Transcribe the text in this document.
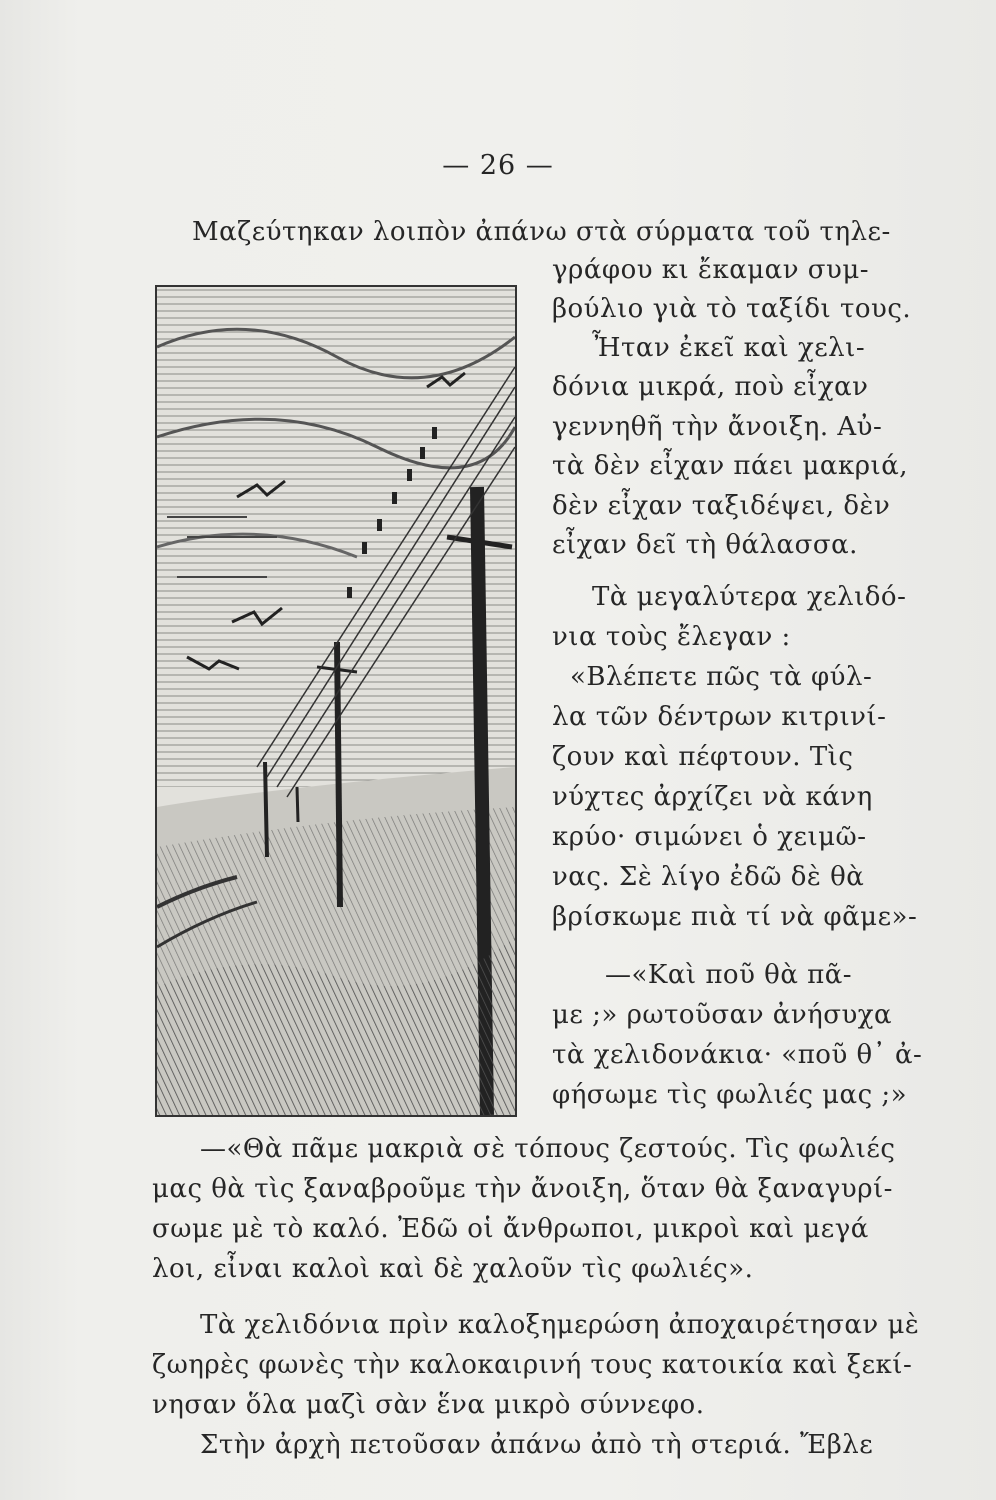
— 26 —
Μαζεύτηκαν λοιπὸν ἀπάνω στὰ σύρματα τοῦ τηλε-
γράφου κι ἔκαμαν συμ-
βούλιο γιὰ τὸ ταξίδι τους.
Ἦταν ἐκεῖ καὶ χελι-
δόνια μικρά, ποὺ εἶχαν
γεννηθῆ τὴν ἄνοιξη. Αὐ-
τὰ δὲν εἶχαν πάει μακριά,
δὲν εἶχαν ταξιδέψει, δὲν
εἶχαν δεῖ τὴ θάλασσα.
Τὰ μεγαλύτερα χελιδό-
νια τοὺς ἔλεγαν :
«Βλέπετε πῶς τὰ φύλ-
λα τῶν δέντρων κιτρινί-
ζουν καὶ πέφτουν. Τὶς
νύχτες ἀρχίζει νὰ κάνη
κρύο· σιμώνει ὁ χειμῶ-
νας. Σὲ λίγο ἐδῶ δὲ θὰ
βρίσκωμε πιὰ τί νὰ φᾶμε»-
—«Καὶ ποῦ θὰ πᾶ-
με ;» ρωτοῦσαν ἀνήσυχα
τὰ χελιδονάκια· «ποῦ θ᾽ ἀ-
φήσωμε τὶς φωλιές μας ;»
—«Θὰ πᾶμε μακριὰ σὲ τόπους ζεστούς. Τὶς φωλιές
μας θὰ τὶς ξαναβροῦμε τὴν ἄνοιξη, ὅταν θὰ ξαναγυρί-
σωμε μὲ τὸ καλό. Ἐδῶ οἱ ἄνθρωποι, μικροὶ καὶ μεγά
λοι, εἶναι καλοὶ καὶ δὲ χαλοῦν τὶς φωλιές».
Τὰ χελιδόνια πρὶν καλοξημερώση ἀποχαιρέτησαν μὲ
ζωηρὲς φωνὲς τὴν καλοκαιρινή τους κατοικία καὶ ξεκί-
νησαν ὅλα μαζὶ σὰν ἕνα μικρὸ σύννεφο.
Στὴν ἀρχὴ πετοῦσαν ἀπάνω ἀπὸ τὴ στεριά. Ἔβλε
